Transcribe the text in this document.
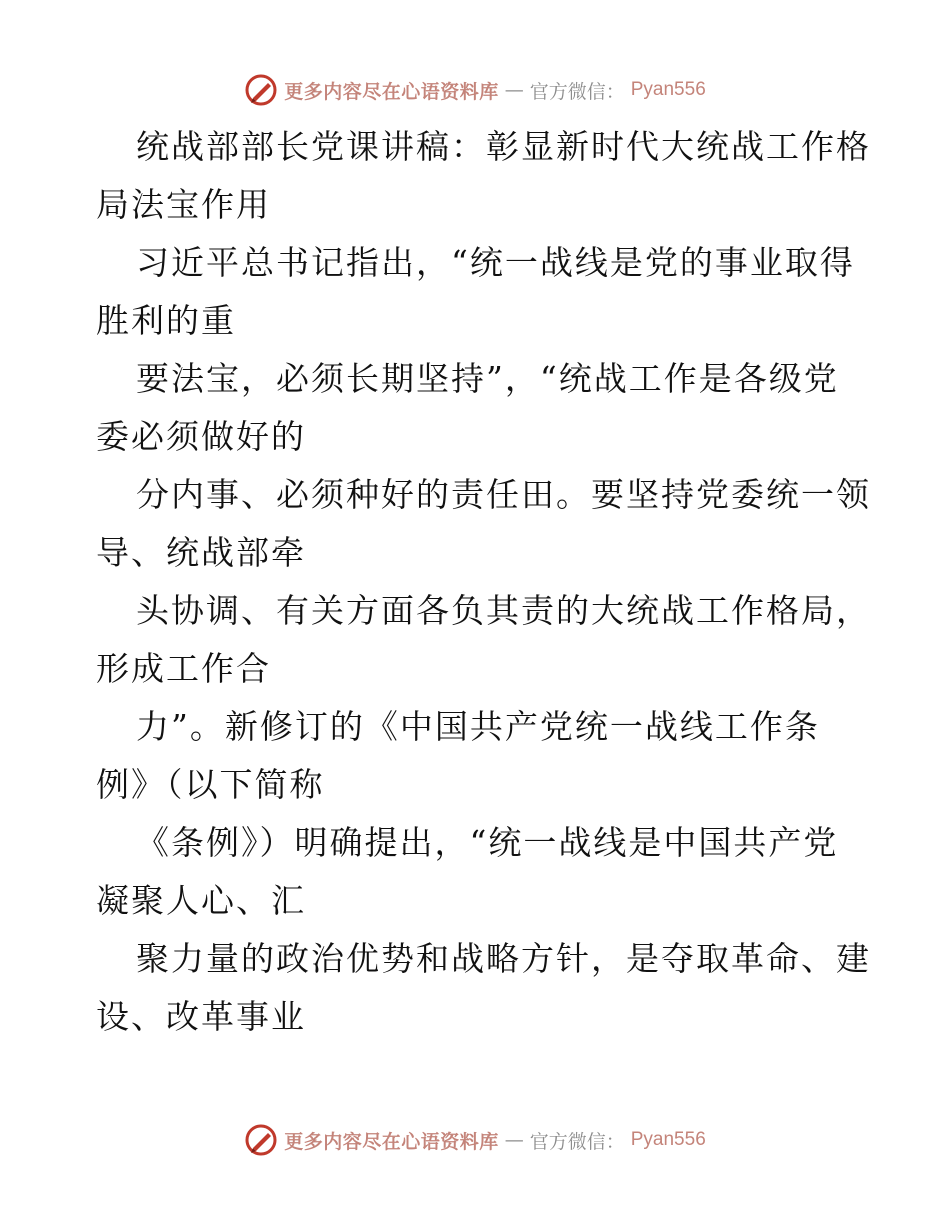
更多内容尽在心语资料库 — 官方微信： Pyan556
统战部部长党课讲稿：彰显新时代大统战工作格
局法宝作用
习近平总书记指出，“统一战线是党的事业取得
胜利的重
要法宝，必须长期坚持”，“统战工作是各级党
委必须做好的
分内事、必须种好的责任田。要坚持党委统一领
导、统战部牵
头协调、有关方面各负其责的大统战工作格局，
形成工作合
力”。新修订的《中国共产党统一战线工作条
例》（以下简称
《条例》）明确提出，“统一战线是中国共产党
凝聚人心、汇
聚力量的政治优势和战略方针，是夺取革命、建
设、改革事业
更多内容尽在心语资料库 — 官方微信： Pyan556
